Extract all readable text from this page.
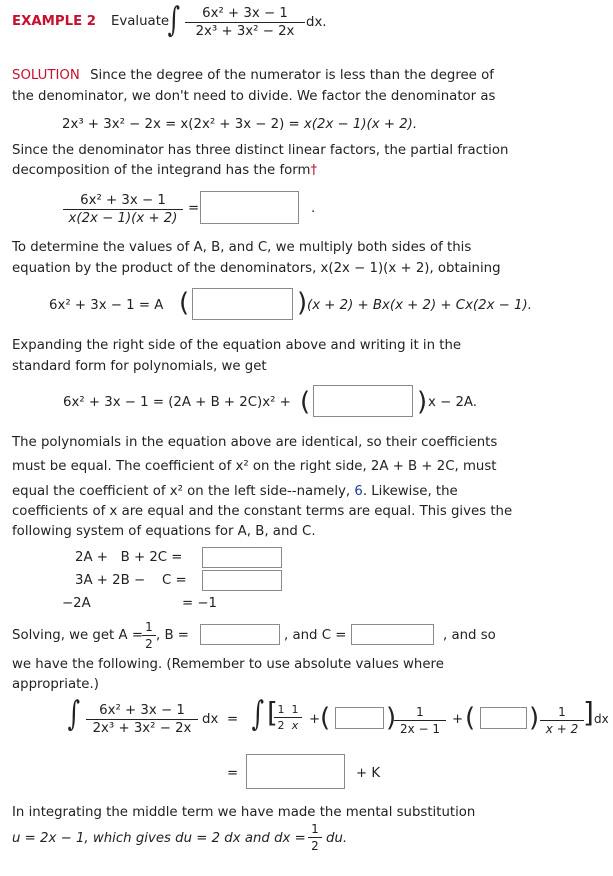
EXAMPLE 2 Evaluate
∫ $\frac{\text{6x² + 3x − 1}}{\text{2x³ + 3x² − 2x}}$ dx.
SOLUTION Since the degree of the numerator is less than the degree of
the denominator, we don't need to divide. We factor the denominator as
2x³ + 3x² − 2x = x(2x² + 3x − 2) = x(2x − 1)(x + 2).
Since the denominator has three distinct linear factors, the partial fraction
decomposition of the integrand has the form†
$\frac{\text{6x² + 3x − 1}}{x(2x - 1)(x + 2)}$ =	.
To determine the values of A, B, and C, we multiply both sides of this
equation by the product of the denominators, x(2x − 1)(x + 2), obtaining
6x² + 3x − 1 = A (	) (x + 2) + Bx(x + 2) + Cx(2x − 1).
Expanding the right side of the equation above and writing it in the
standard form for polynomials, we get
6x² + 3x − 1 = (2A + B + 2C)x² + (	) x − 2A.
The polynomials in the equation above are identical, so their coefficients
must be equal. The coefficient of x² on the right side, 2A + B + 2C, must
equal the coefficient of x² on the left side--namely, 6. Likewise, the
coefficients of x are equal and the constant terms are equal. This gives the
following system of equations for A, B, and C.
2A +   B + 2C =
3A + 2B −    C =
−2A	= −1
Solving, we get $A = \frac{1}{2}$ , B =	, and C =	, and so
we have the following. (Remember to use absolute values where
appropriate.)
∫ $\frac{\text{6x² + 3x − 1}}{\text{2x³ + 3x² − 2x}}$ dx = ∫ [
$\frac{1}{2} \frac{1}{x}$ + ( )
$\frac{1}{2x - 1}$ + ( ) $\frac{1}{x + 2}$ ] dx
=	+ K
In integrating the middle term we have made the mental substitution
u = 2x − 1, which gives du = 2 dx and dx = $\frac{1}{2}$ du.
